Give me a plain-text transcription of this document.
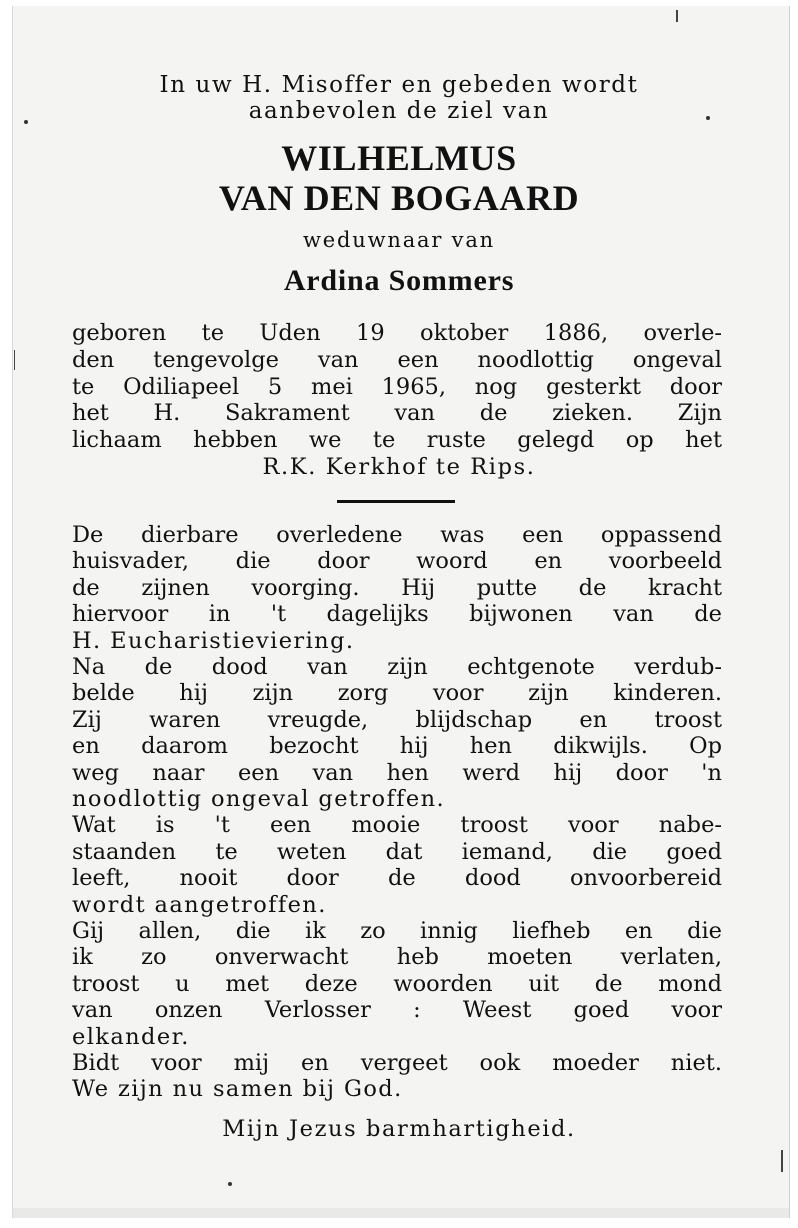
In uw H. Misoffer en gebeden wordt
aanbevolen de ziel van
WILHELMUS
VAN DEN BOGAARD
weduwnaar van
Ardina Sommers
geboren te Uden 19 oktober 1886, overle-
den tengevolge van een noodlottig ongeval
te Odiliapeel 5 mei 1965, nog gesterkt door
het H. Sakrament van de zieken. Zijn
lichaam hebben we te ruste gelegd op het
R.K. Kerkhof te Rips.
De dierbare overledene was een oppassend
huisvader, die door woord en voorbeeld
de zijnen voorging. Hij putte de kracht
hiervoor in 't dagelijks bijwonen van de
H. Eucharistieviering.
Na de dood van zijn echtgenote verdub-
belde hij zijn zorg voor zijn kinderen.
Zij waren vreugde, blijdschap en troost
en daarom bezocht hij hen dikwijls. Op
weg naar een van hen werd hij door 'n
noodlottig ongeval getroffen.
Wat is 't een mooie troost voor nabe-
staanden te weten dat iemand, die goed
leeft, nooit door de dood onvoorbereid
wordt aangetroffen.
Gij allen, die ik zo innig liefheb en die
ik zo onverwacht heb moeten verlaten,
troost u met deze woorden uit de mond
van onzen Verlosser : Weest goed voor
elkander.
Bidt voor mij en vergeet ook moeder niet.
We zijn nu samen bij God.
Mijn Jezus barmhartigheid.
